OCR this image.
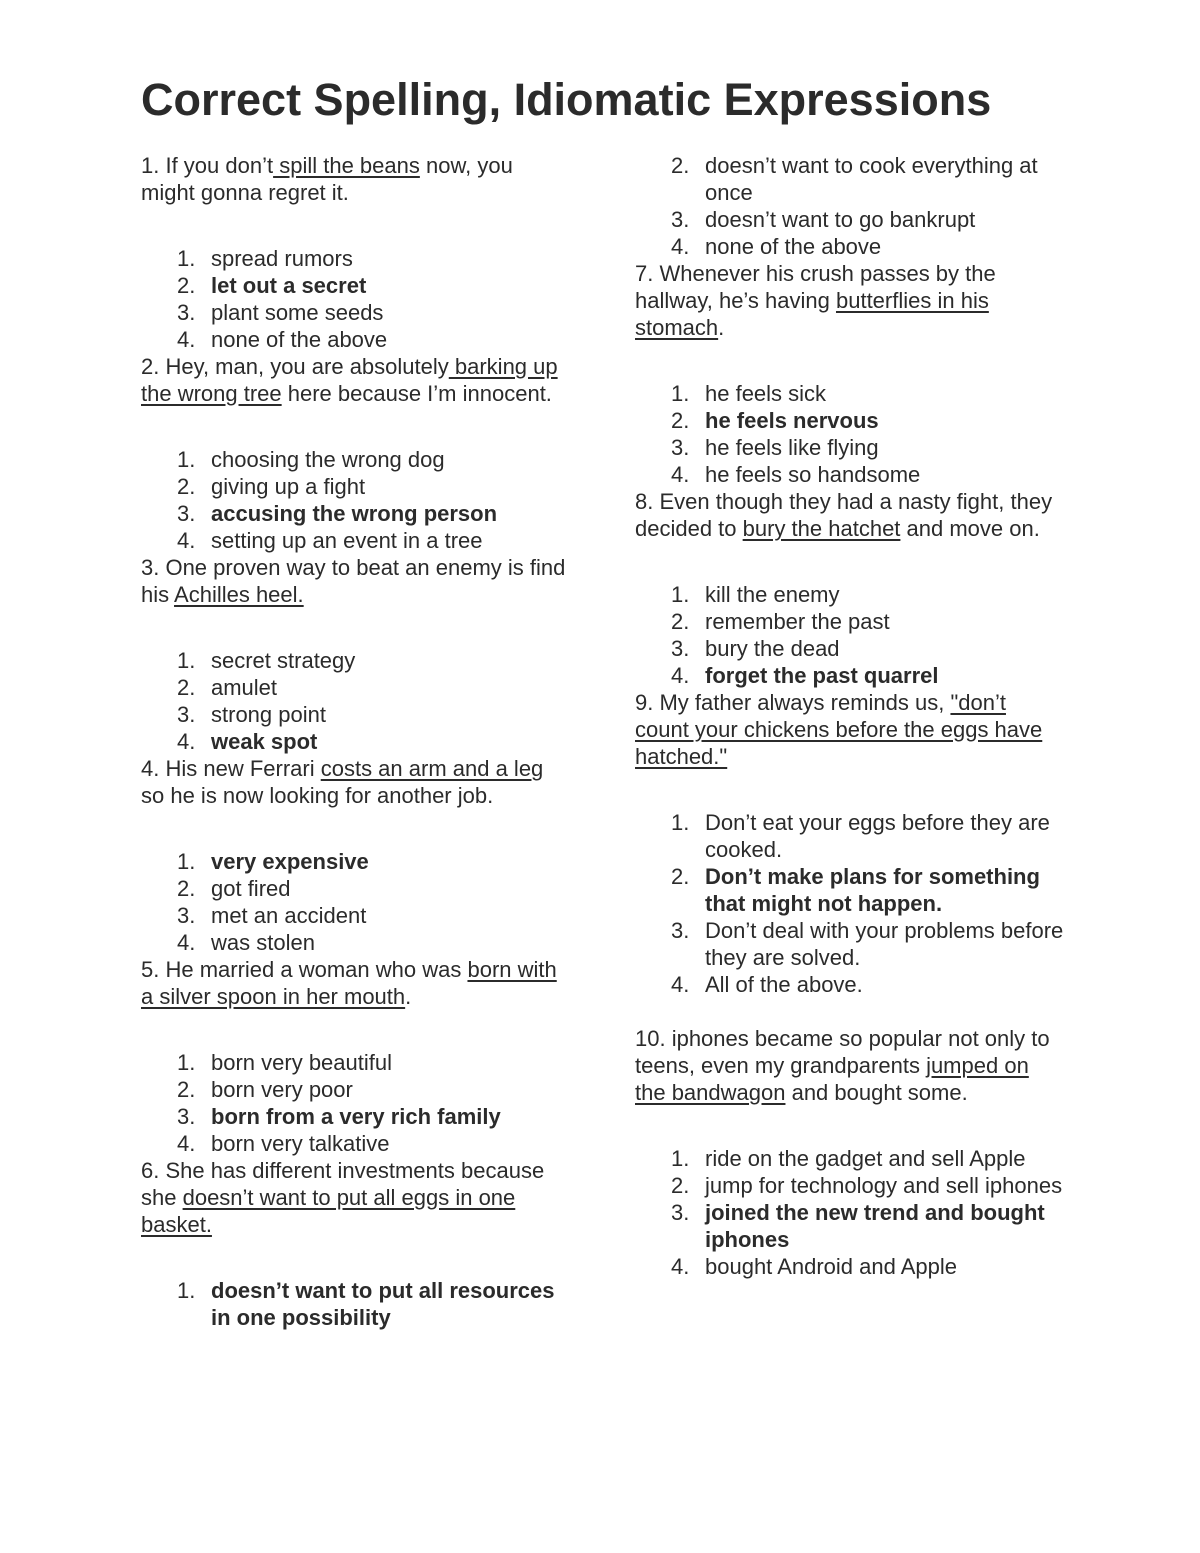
Correct Spelling, Idiomatic Expressions

1. If you don’t spill the beans now, you might gonna regret it.

1. spread rumors
2. let out a secret
3. plant some seeds
4. none of the above

2. Hey, man, you are absolutely barking up the wrong tree here because I’m innocent.

1. choosing the wrong dog
2. giving up a fight
3. accusing the wrong person
4. setting up an event in a tree

3. One proven way to beat an enemy is find his Achilles heel.

1. secret strategy
2. amulet
3. strong point
4. weak spot

4. His new Ferrari costs an arm and a leg so he is now looking for another job.

1. very expensive
2. got fired
3. met an accident
4. was stolen

5. He married a woman who was born with a silver spoon in her mouth.

1. born very beautiful
2. born very poor
3. born from a very rich family
4. born very talkative

6. She has different investments because she doesn’t want to put all eggs in one basket.

1. doesn’t want to put all resources in one possibility
2. doesn’t want to cook everything at once
3. doesn’t want to go bankrupt
4. none of the above

7. Whenever his crush passes by the hallway, he’s having butterflies in his stomach.

1. he feels sick
2. he feels nervous
3. he feels like flying
4. he feels so handsome

8. Even though they had a nasty fight, they decided to bury the hatchet and move on.

1. kill the enemy
2. remember the past
3. bury the dead
4. forget the past quarrel

9. My father always reminds us, "don’t count your chickens before the eggs have hatched."

1. Don’t eat your eggs before they are cooked.
2. Don’t make plans for something that might not happen.
3. Don’t deal with your problems before they are solved.
4. All of the above.

10. iphones became so popular not only to teens, even my grandparents jumped on the bandwagon and bought some.

1. ride on the gadget and sell Apple
2. jump for technology and sell iphones
3. joined the new trend and bought iphones
4. bought Android and Apple
